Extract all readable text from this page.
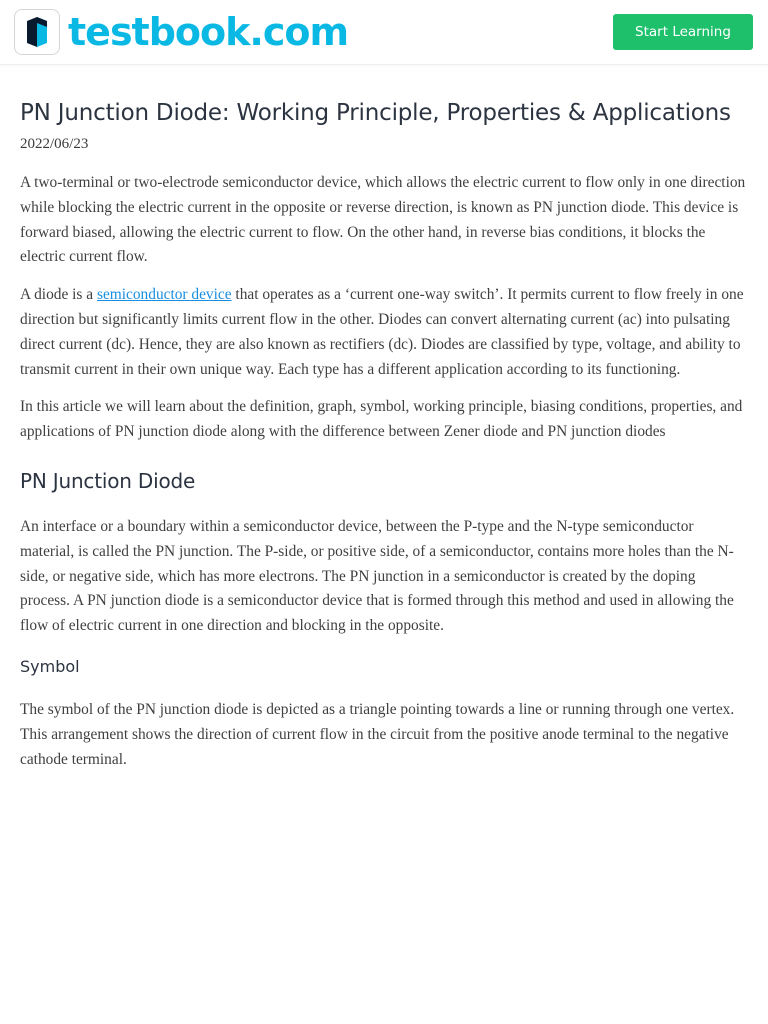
testbook.com	Start Learning
PN Junction Diode: Working Principle, Properties & Applications
2022/06/23

A two-terminal or two-electrode semiconductor device, which allows the electric current to flow only in one direction while blocking the electric current in the opposite or reverse direction, is known as PN junction diode. This device is forward biased, allowing the electric current to flow. On the other hand, in reverse bias conditions, it blocks the electric current flow.

A diode is a semiconductor device that operates as a ‘current one-way switch’. It permits current to flow freely in one direction but significantly limits current flow in the other. Diodes can convert alternating current (ac) into pulsating direct current (dc). Hence, they are also known as rectifiers (dc). Diodes are classified by type, voltage, and ability to transmit current in their own unique way. Each type has a different application according to its functioning.

In this article we will learn about the definition, graph, symbol, working principle, biasing conditions, properties, and applications of PN junction diode along with the difference between Zener diode and PN junction diodes

PN Junction Diode

An interface or a boundary within a semiconductor device, between the P-type and the N-type semiconductor material, is called the PN junction. The P-side, or positive side, of a semiconductor, contains more holes than the N-side, or negative side, which has more electrons. The PN junction in a semiconductor is created by the doping process. A PN junction diode is a semiconductor device that is formed through this method and used in allowing the flow of electric current in one direction and blocking in the opposite.

Symbol

The symbol of the PN junction diode is depicted as a triangle pointing towards a line or running through one vertex. This arrangement shows the direction of current flow in the circuit from the positive anode terminal to the negative cathode terminal.
